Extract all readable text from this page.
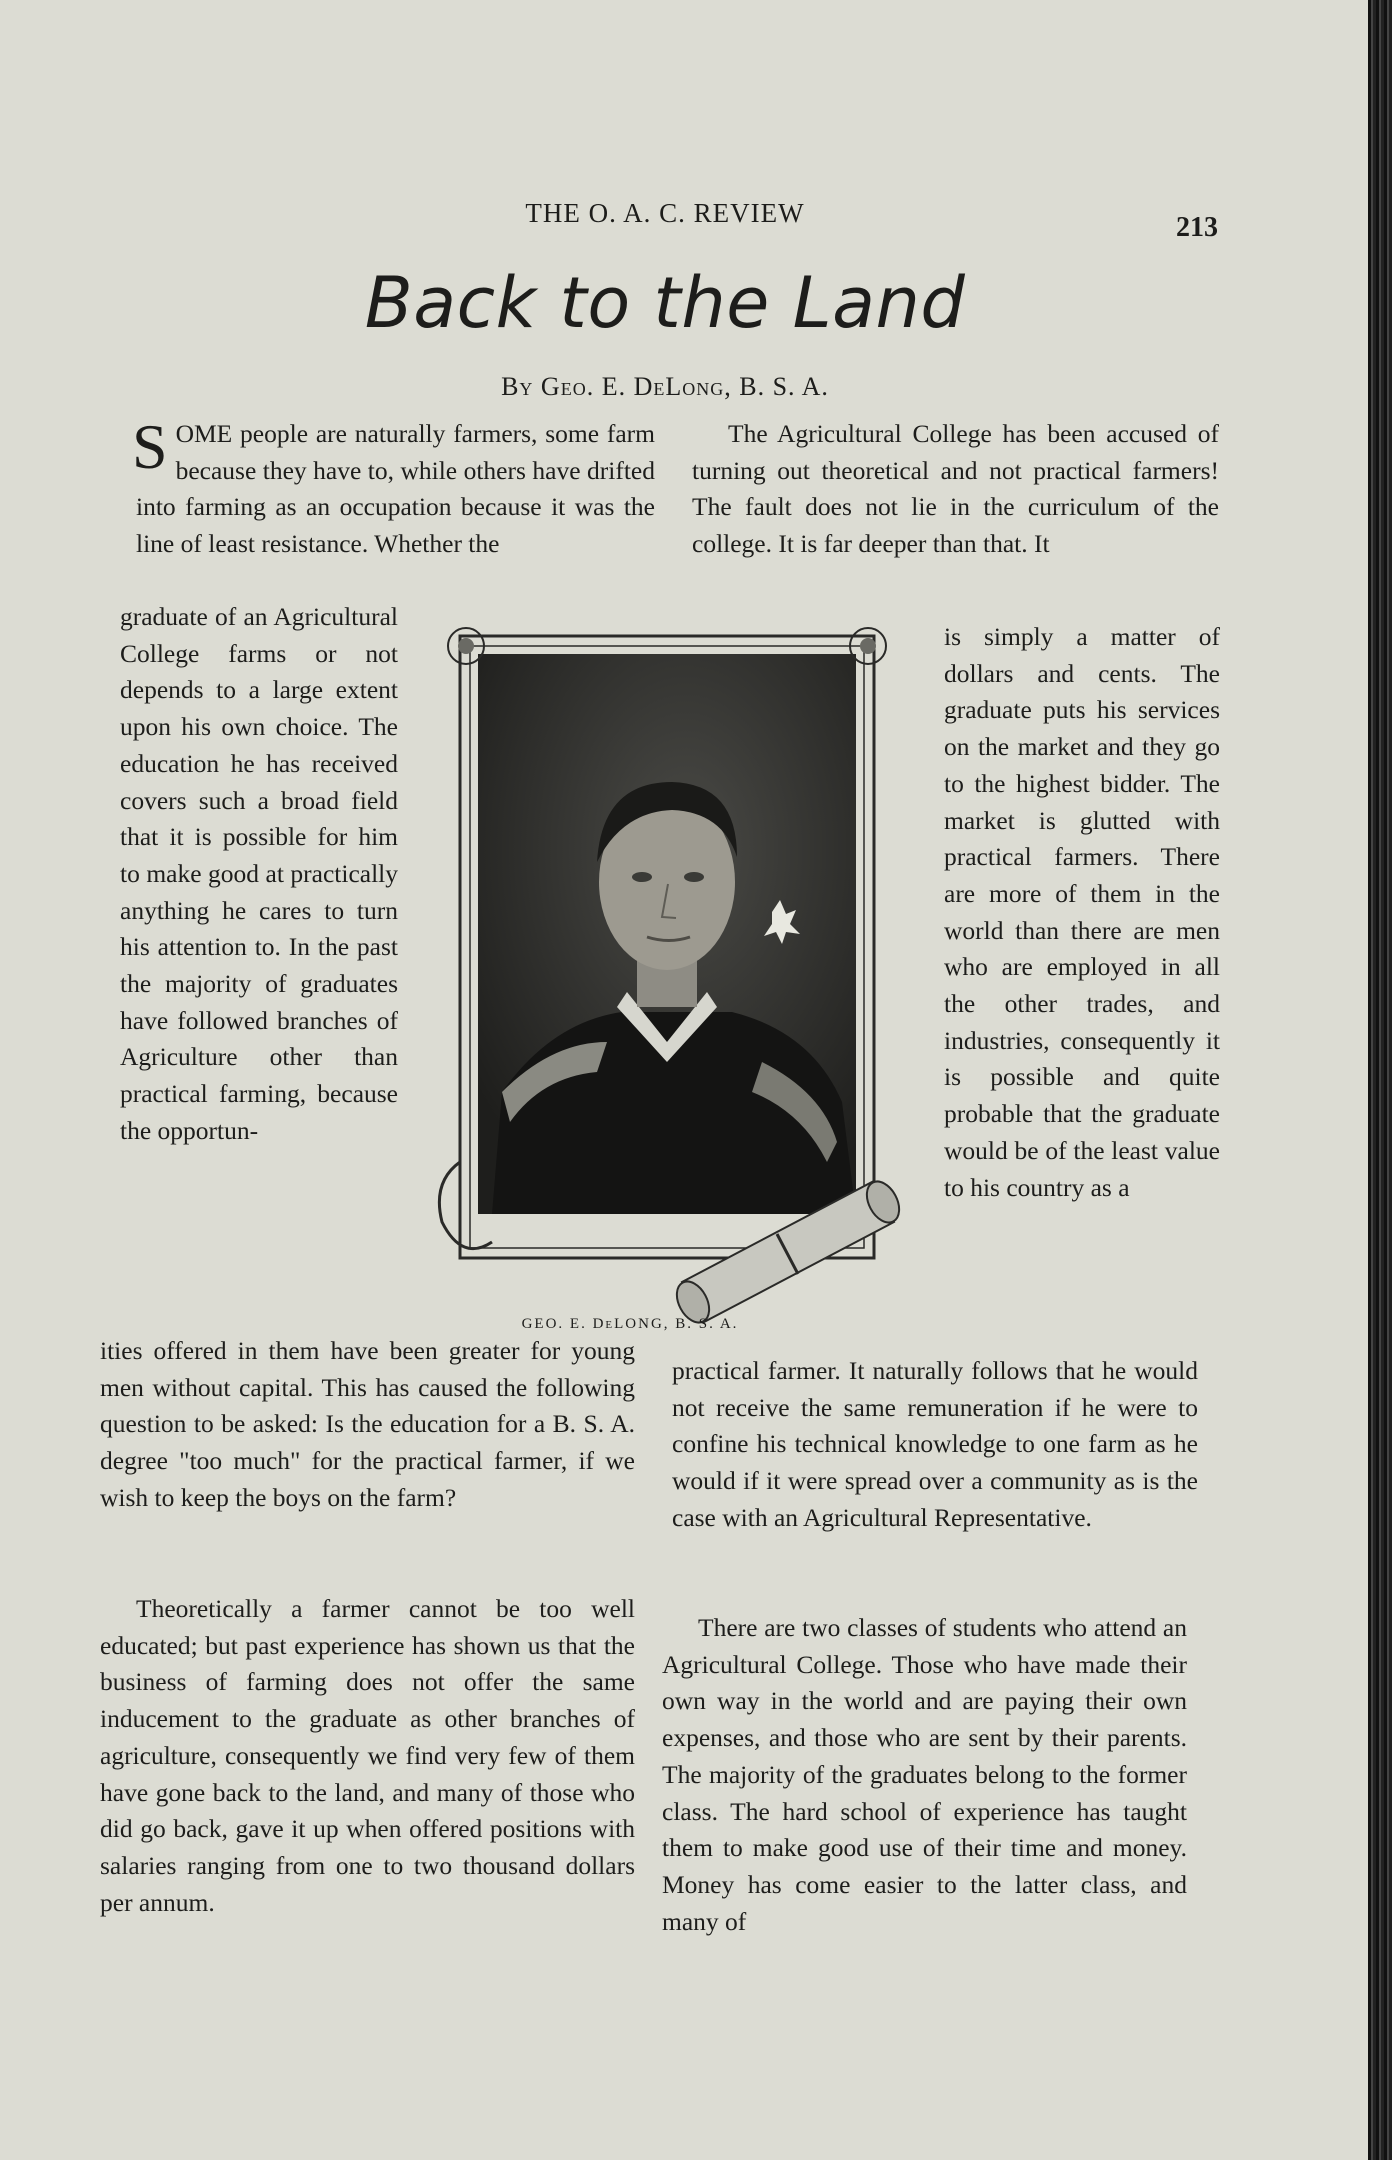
THE O. A. C. REVIEW	213
Back to the Land
By Geo. E. DeLong, B. S. A.

SOME people are naturally farmers, some farm because they have to, while others have drifted into farming as an occupation because it was the line of least resistance. Whether the

graduate of an Agricultural College farms or not depends to a large extent upon his own choice. The education he has received covers such a broad field that it is possible for him to make good at practically anything he cares to turn his attention to. In the past the majority of graduates have followed branches of Agriculture other than practical farming, because the opportun-

ities offered in them have been greater for young men without capital. This has caused the following question to be asked: Is the education for a B. S. A. degree "too much" for the practical farmer, if we wish to keep the boys on the farm?

Theoretically a farmer cannot be too well educated; but past experience has shown us that the business of farming does not offer the same inducement to the graduate as other branches of agriculture, consequently we find very few of them have gone back to the land, and many of those who did go back, gave it up when offered positions with salaries ranging from one to two thousand dollars per annum.

The Agricultural College has been accused of turning out theoretical and not practical farmers! The fault does not lie in the curriculum of the college. It is far deeper than that. It

is simply a matter of dollars and cents. The graduate puts his services on the market and they go to the highest bidder. The market is glutted with practical farmers. There are more of them in the world than there are men who are employed in all the other trades, and industries, consequently it is possible and quite probable that the graduate would be of the least value to his country as a

practical farmer. It naturally follows that he would not receive the same remuneration if he were to confine his technical knowledge to one farm as he would if it were spread over a community as is the case with an Agricultural Representative.

There are two classes of students who attend an Agricultural College. Those who have made their own way in the world and are paying their own expenses, and those who are sent by their parents. The majority of the graduates belong to the former class. The hard school of experience has taught them to make good use of their time and money. Money has come easier to the latter class, and many of

GEO. E. DeLONG, B. S. A.
